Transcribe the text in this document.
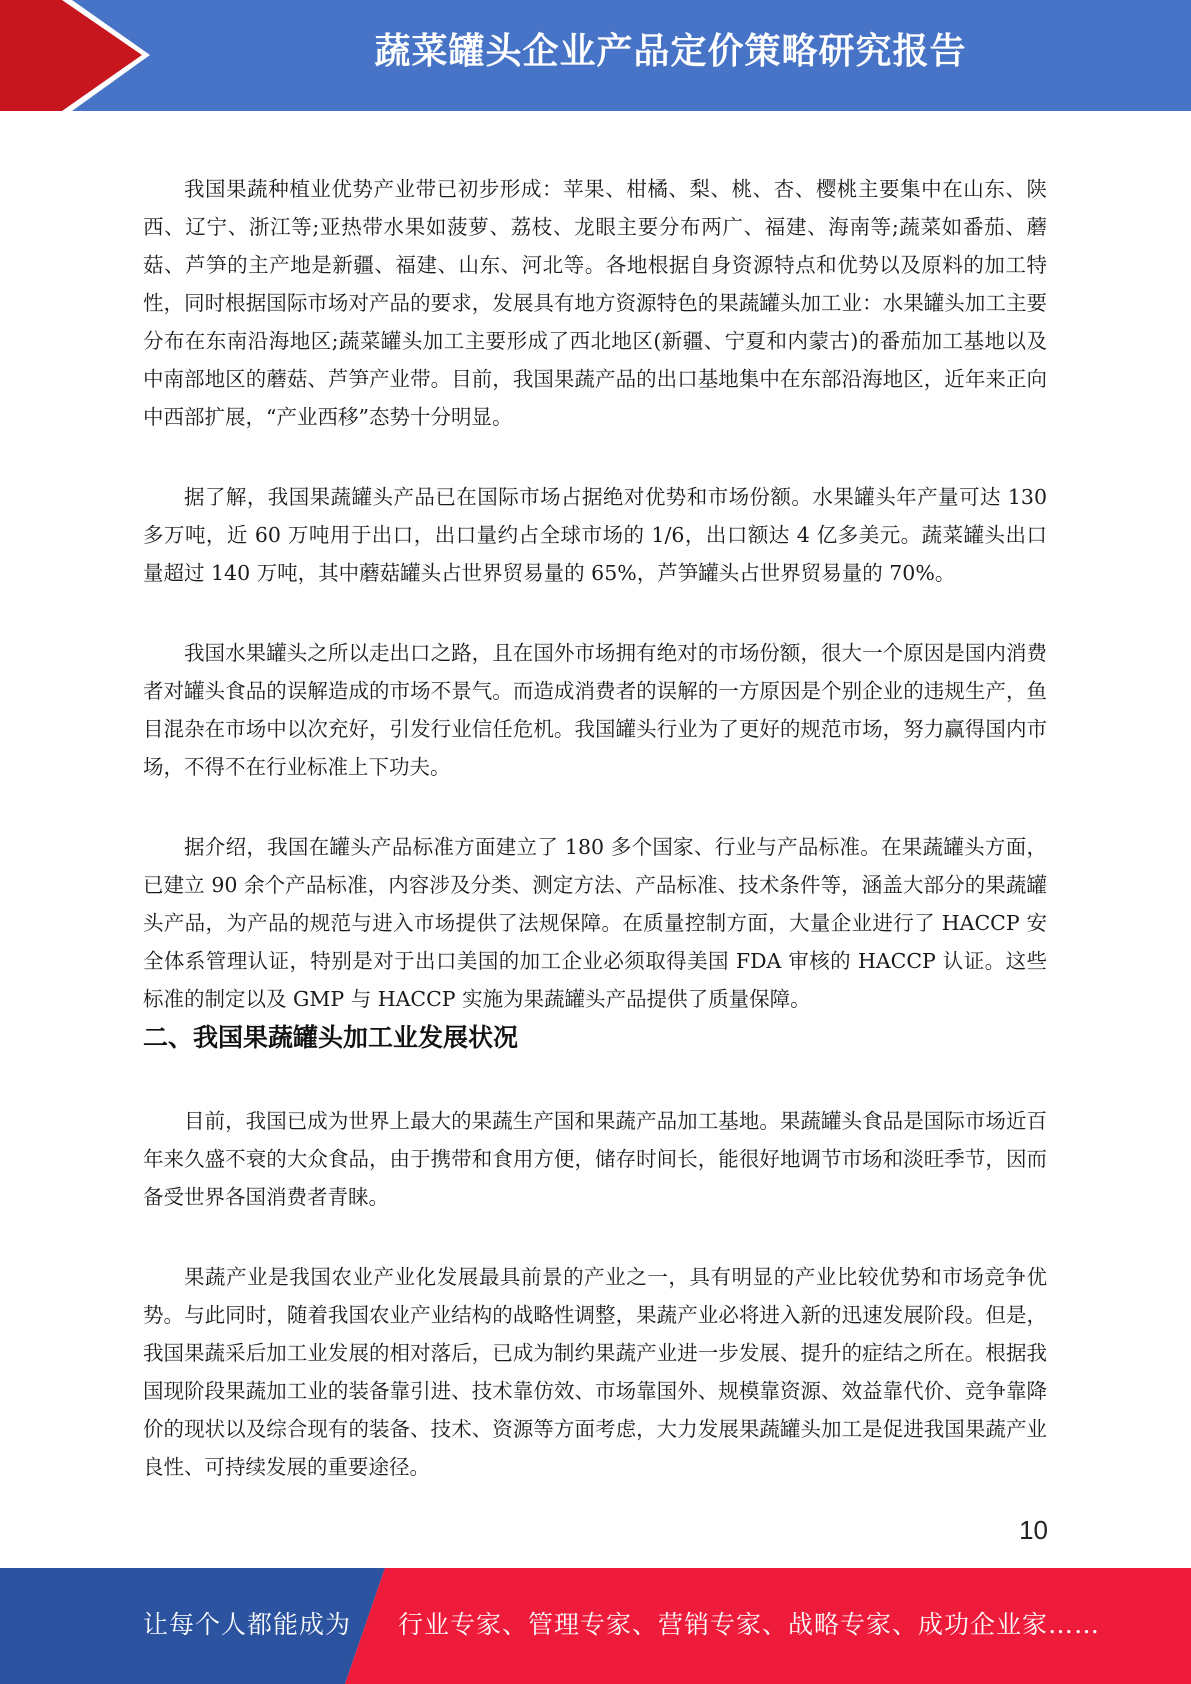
蔬菜罐头企业产品定价策略研究报告

我国果蔬种植业优势产业带已初步形成：苹果、柑橘、梨、桃、杏、樱桃主要集中在山东、陕西、辽宁、浙江等;亚热带水果如菠萝、荔枝、龙眼主要分布两广、福建、海南等;蔬菜如番茄、蘑菇、芦笋的主产地是新疆、福建、山东、河北等。各地根据自身资源特点和优势以及原料的加工特性，同时根据国际市场对产品的要求，发展具有地方资源特色的果蔬罐头加工业：水果罐头加工主要分布在东南沿海地区;蔬菜罐头加工主要形成了西北地区(新疆、宁夏和内蒙古)的番茄加工基地以及中南部地区的蘑菇、芦笋产业带。目前，我国果蔬产品的出口基地集中在东部沿海地区，近年来正向中西部扩展，“产业西移”态势十分明显。

据了解，我国果蔬罐头产品已在国际市场占据绝对优势和市场份额。水果罐头年产量可达 130 多万吨，近 60 万吨用于出口，出口量约占全球市场的 1/6，出口额达 4 亿多美元。蔬菜罐头出口量超过 140 万吨，其中蘑菇罐头占世界贸易量的 65%，芦笋罐头占世界贸易量的 70%。

我国水果罐头之所以走出口之路，且在国外市场拥有绝对的市场份额，很大一个原因是国内消费者对罐头食品的误解造成的市场不景气。而造成消费者的误解的一方原因是个别企业的违规生产，鱼目混杂在市场中以次充好，引发行业信任危机。我国罐头行业为了更好的规范市场，努力赢得国内市场，不得不在行业标准上下功夫。

据介绍，我国在罐头产品标准方面建立了 180 多个国家、行业与产品标准。在果蔬罐头方面，已建立 90 余个产品标准，内容涉及分类、测定方法、产品标准、技术条件等，涵盖大部分的果蔬罐头产品，为产品的规范与进入市场提供了法规保障。在质量控制方面，大量企业进行了 HACCP 安全体系管理认证，特别是对于出口美国的加工企业必须取得美国 FDA 审核的 HACCP 认证。这些标准的制定以及 GMP 与 HACCP 实施为果蔬罐头产品提供了质量保障。

二、我国果蔬罐头加工业发展状况

目前，我国已成为世界上最大的果蔬生产国和果蔬产品加工基地。果蔬罐头食品是国际市场近百年来久盛不衰的大众食品，由于携带和食用方便，储存时间长，能很好地调节市场和淡旺季节，因而备受世界各国消费者青睐。

果蔬产业是我国农业产业化发展最具前景的产业之一，具有明显的产业比较优势和市场竞争优势。与此同时，随着我国农业产业结构的战略性调整，果蔬产业必将进入新的迅速发展阶段。但是，我国果蔬采后加工业发展的相对落后，已成为制约果蔬产业进一步发展、提升的症结之所在。根据我国现阶段果蔬加工业的装备靠引进、技术靠仿效、市场靠国外、规模靠资源、效益靠代价、竞争靠降价的现状以及综合现有的装备、技术、资源等方面考虑，大力发展果蔬罐头加工是促进我国果蔬产业良性、可持续发展的重要途径。

10
让每个人都能成为 行业专家、管理专家、营销专家、战略专家、成功企业家……
